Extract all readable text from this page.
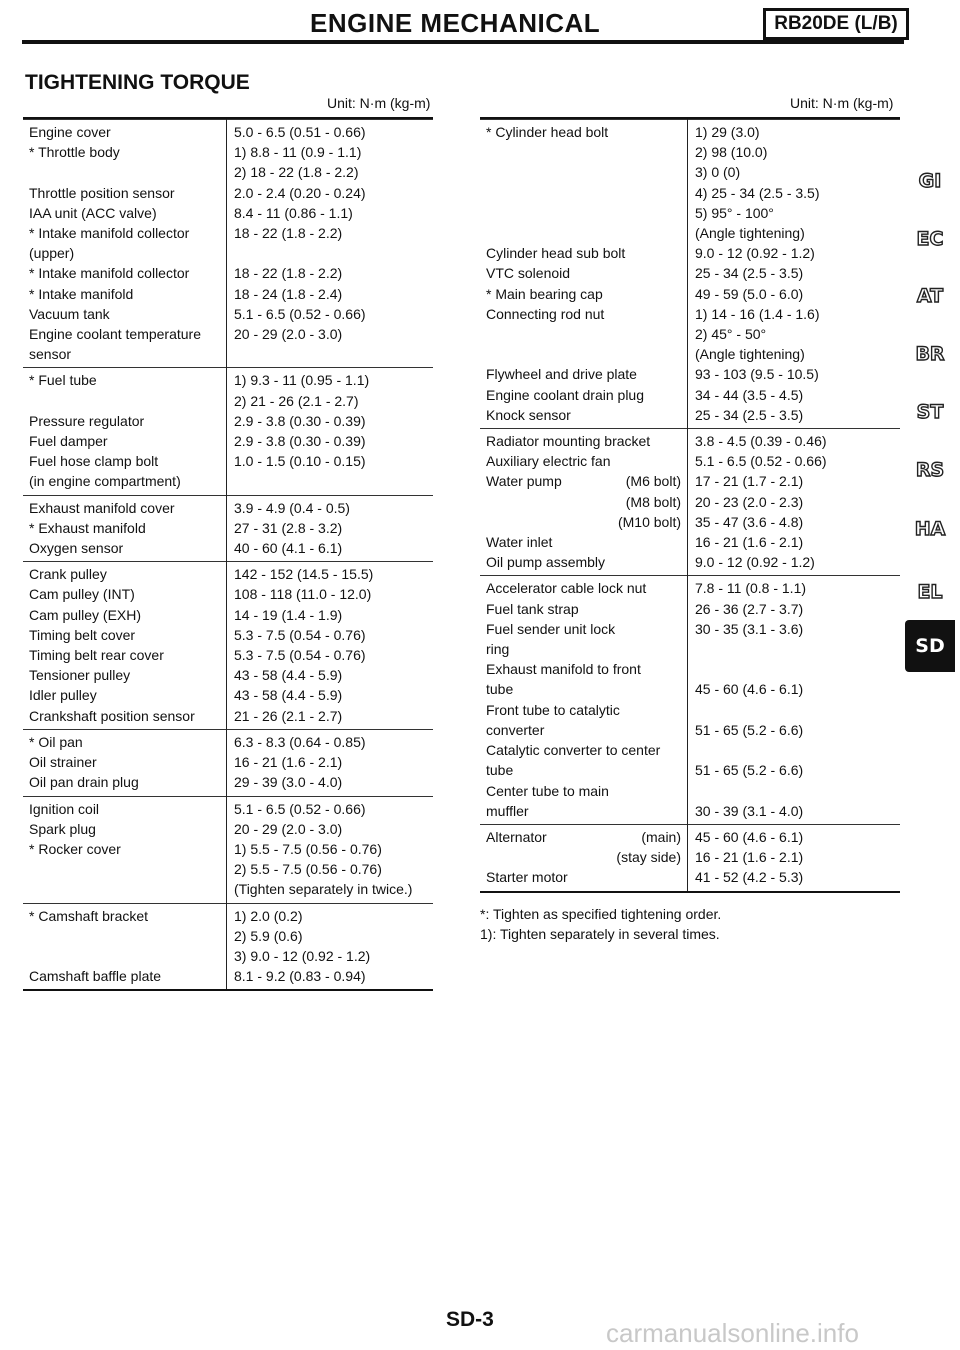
ENGINE MECHANICAL	RB20DE (L/B)
TIGHTENING TORQUE
Unit: N·m (kg-m)	Unit: N·m (kg-m)
Engine cover	5.0 - 6.5 (0.51 - 0.66)
* Throttle body	1) 8.8 - 11 (0.9 - 1.1)
2) 18 - 22 (1.8 - 2.2)
Throttle position sensor	2.0 - 2.4 (0.20 - 0.24)
IAA unit (ACC valve)	8.4 - 11 (0.86 - 1.1)
* Intake manifold collector	18 - 22 (1.8 - 2.2)
(upper)
* Intake manifold collector	18 - 22 (1.8 - 2.2)
* Intake manifold	18 - 24 (1.8 - 2.4)
Vacuum tank	5.1 - 6.5 (0.52 - 0.66)
Engine coolant temperature	20 - 29 (2.0 - 3.0)
sensor
* Fuel tube	1) 9.3 - 11 (0.95 - 1.1)
2) 21 - 26 (2.1 - 2.7)
Pressure regulator	2.9 - 3.8 (0.30 - 0.39)
Fuel damper	2.9 - 3.8 (0.30 - 0.39)
Fuel hose clamp bolt	1.0 - 1.5 (0.10 - 0.15)
(in engine compartment)
Exhaust manifold cover	3.9 - 4.9 (0.4 - 0.5)
* Exhaust manifold	27 - 31 (2.8 - 3.2)
Oxygen sensor	40 - 60 (4.1 - 6.1)
Crank pulley	142 - 152 (14.5 - 15.5)
Cam pulley (INT)	108 - 118 (11.0 - 12.0)
Cam pulley (EXH)	14 - 19 (1.4 - 1.9)
Timing belt cover	5.3 - 7.5 (0.54 - 0.76)
Timing belt rear cover	5.3 - 7.5 (0.54 - 0.76)
Tensioner pulley	43 - 58 (4.4 - 5.9)
Idler pulley	43 - 58 (4.4 - 5.9)
Crankshaft position sensor	21 - 26 (2.1 - 2.7)
* Oil pan	6.3 - 8.3 (0.64 - 0.85)
Oil strainer	16 - 21 (1.6 - 2.1)
Oil pan drain plug	29 - 39 (3.0 - 4.0)
Ignition coil	5.1 - 6.5 (0.52 - 0.66)
Spark plug	20 - 29 (2.0 - 3.0)
* Rocker cover	1) 5.5 - 7.5 (0.56 - 0.76)
2) 5.5 - 7.5 (0.56 - 0.76)
(Tighten separately in twice.)
* Camshaft bracket	1) 2.0 (0.2)
2) 5.9 (0.6)
3) 9.0 - 12 (0.92 - 1.2)
Camshaft baffle plate	8.1 - 9.2 (0.83 - 0.94)
* Cylinder head bolt	1) 29 (3.0)
2) 98 (10.0)
3) 0 (0)
4) 25 - 34 (2.5 - 3.5)
5) 95° - 100°
(Angle tightening)
Cylinder head sub bolt	9.0 - 12 (0.92 - 1.2)
VTC solenoid	25 - 34 (2.5 - 3.5)
* Main bearing cap	49 - 59 (5.0 - 6.0)
Connecting rod nut	1) 14 - 16 (1.4 - 1.6)
2) 45° - 50°
(Angle tightening)
Flywheel and drive plate	93 - 103 (9.5 - 10.5)
Engine coolant drain plug	34 - 44 (3.5 - 4.5)
Knock sensor	25 - 34 (2.5 - 3.5)
Radiator mounting bracket	3.8 - 4.5 (0.39 - 0.46)
Auxiliary electric fan	5.1 - 6.5 (0.52 - 0.66)
Water pump	(M6 bolt)	17 - 21 (1.7 - 2.1)
(M8 bolt)	20 - 23 (2.0 - 2.3)
(M10 bolt)	35 - 47 (3.6 - 4.8)
Water inlet	16 - 21 (1.6 - 2.1)
Oil pump assembly	9.0 - 12 (0.92 - 1.2)
Accelerator cable lock nut	7.8 - 11 (0.8 - 1.1)
Fuel tank strap	26 - 36 (2.7 - 3.7)
Fuel sender unit lock	30 - 35 (3.1 - 3.6)
ring
Exhaust manifold to front
tube	45 - 60 (4.6 - 6.1)
Front tube to catalytic
converter	51 - 65 (5.2 - 6.6)
Catalytic converter to center
tube	51 - 65 (5.2 - 6.6)
Center tube to main
muffler	30 - 39 (3.1 - 4.0)
Alternator	(main)	45 - 60 (4.6 - 6.1)
(stay side)	16 - 21 (1.6 - 2.1)
Starter motor	41 - 52 (4.2 - 5.3)
*: Tighten as specified tightening order.
1): Tighten separately in several times.
GI
EC
AT
BR
ST
RS
HA
EL
SD
SD-3	carmanualsonline.info
